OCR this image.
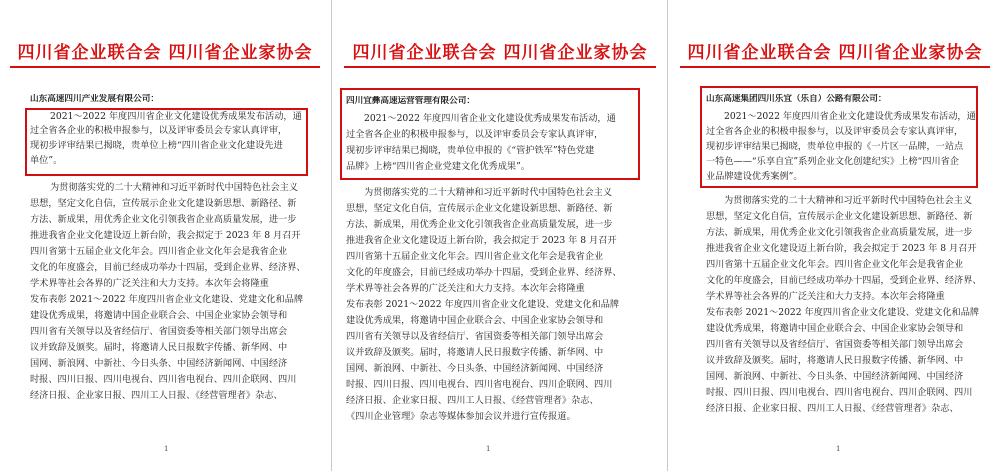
四川省企业联合会 四川省企业家协会
山东高速四川产业发展有限公司：
2021～2022 年度四川省企业文化建设优秀成果发布活动，通
过全省各企业的积极申报参与，以及评审委员会专家认真评审，
现初步评审结果已揭晓，贵单位上榜“四川省企业文化建设先进
单位”。
为贯彻落实党的二十大精神和习近平新时代中国特色社会主义
思想，坚定文化自信，宣传展示企业文化建设新思想、新路径、新
方法、新成果，用优秀企业文化引领我省企业高质量发展，进一步
推进我省企业文化建设迈上新台阶，我会拟定于 2023 年 8 月召开
四川省第十五届企业文化年会。四川省企业文化年会是我省企业
文化的年度盛会，目前已经成功举办十四届，受到企业界、经济界、
学术界等社会各界的广泛关注和大力支持。本次年会将隆重
发布表彰 2021～2022 年度四川省企业文化建设、党建文化和品牌
建设优秀成果，将邀请中国企业联合会、中国企业家协会领导和
四川省有关领导以及省经信厅、省国资委等相关部门领导出席会
议并致辞及颁奖。届时，将邀请人民日报数字传播、新华网、中
国网、新浪网、中新社、今日头条、中国经济新闻网、中国经济
时报、四川日报、四川电视台、四川省电视台、四川企联网、四川
经济日报、企业家日报、四川工人日报、《经营管理者》杂志、
1
四川省企业联合会 四川省企业家协会
四川宜彝高速运营管理有限公司：
2021～2022 年度四川省企业文化建设优秀成果发布活动，通
过全省各企业的积极申报参与，以及评审委员会专家认真评审，
现初步评审结果已揭晓，贵单位申报的《“管护铁军”特色党建
品牌》上榜“四川省企业党建文化优秀成果”。
为贯彻落实党的二十大精神和习近平新时代中国特色社会主义
思想，坚定文化自信，宣传展示企业文化建设新思想、新路径、新
方法、新成果，用优秀企业文化引领我省企业高质量发展，进一步
推进我省企业文化建设迈上新台阶，我会拟定于 2023 年 8 月召开
四川省第十五届企业文化年会。四川省企业文化年会是我省企业
文化的年度盛会，目前已经成功举办十四届，受到企业界、经济界、
学术界等社会各界的广泛关注和大力支持。本次年会将隆重
发布表彰 2021～2022 年度四川省企业文化建设、党建文化和品牌
建设优秀成果，将邀请中国企业联合会、中国企业家协会领导和
四川省有关领导以及省经信厅、省国资委等相关部门领导出席会
议并致辞及颁奖。届时，将邀请人民日报数字传播、新华网、中
国网、新浪网、中新社、今日头条、中国经济新闻网、中国经济
时报、四川日报、四川电视台、四川省电视台、四川企联网、四川
经济日报、企业家日报、四川工人日报、《经营管理者》杂志、
《四川企业管理》杂志等媒体参加会议并进行宣传报道。
1
四川省企业联合会 四川省企业家协会
山东高速集团四川乐宜（乐自）公路有限公司：
2021～2022 年度四川省企业文化建设优秀成果发布活动，通
过全省各企业的积极申报参与，以及评审委员会专家认真评审，
现初步评审结果已揭晓，贵单位申报的《一片区一品牌，一站点
一特色——“乐享自宜”系列企业文化创建纪实》上榜“四川省企
业品牌建设优秀案例”。
为贯彻落实党的二十大精神和习近平新时代中国特色社会主义
思想，坚定文化自信，宣传展示企业文化建设新思想、新路径、新
方法、新成果，用优秀企业文化引领我省企业高质量发展，进一步
推进我省企业文化建设迈上新台阶，我会拟定于 2023 年 8 月召开
四川省第十五届企业文化年会。四川省企业文化年会是我省企业
文化的年度盛会，目前已经成功举办十四届，受到企业界、经济界、
学术界等社会各界的广泛关注和大力支持。本次年会将隆重
发布表彰 2021～2022 年度四川省企业文化建设、党建文化和品牌
建设优秀成果，将邀请中国企业联合会、中国企业家协会领导和
四川省有关领导以及省经信厅、省国资委等相关部门领导出席会
议并致辞及颁奖。届时，将邀请人民日报数字传播、新华网、中
国网、新浪网、中新社、今日头条、中国经济新闻网、中国经济
时报、四川日报、四川电视台、四川省电视台、四川企联网、四川
经济日报、企业家日报、四川工人日报、《经营管理者》杂志、
1
